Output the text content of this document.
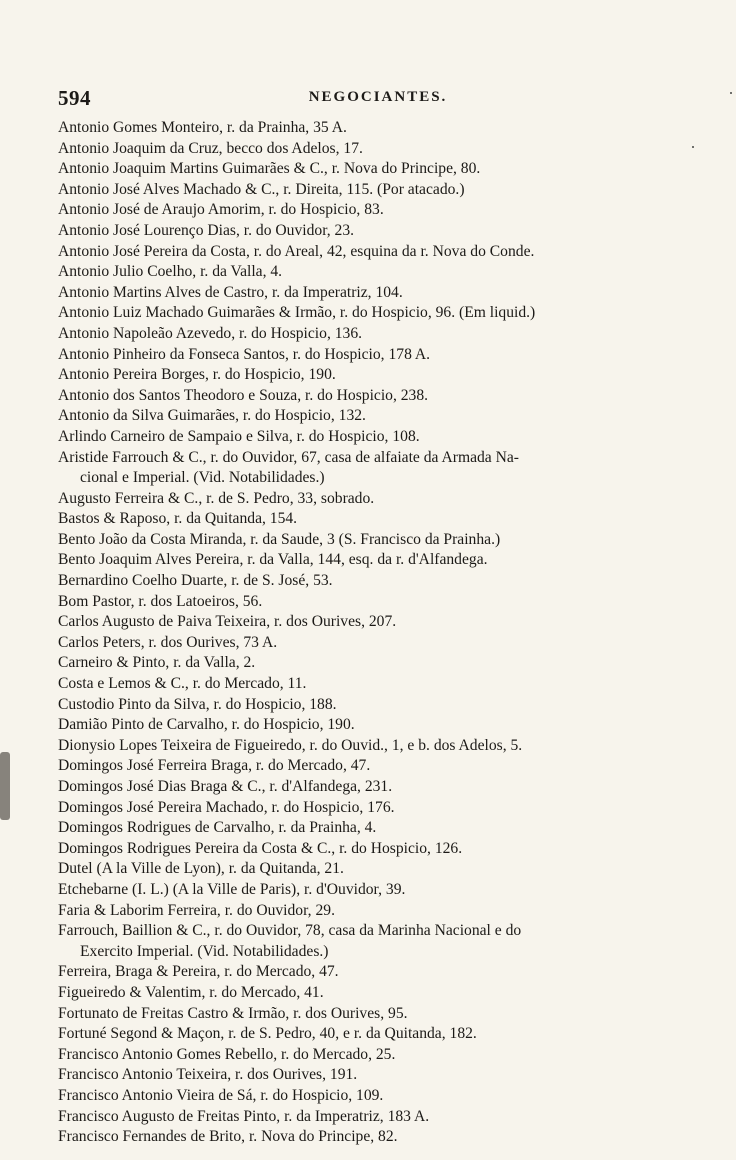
594	NEGOCIANTES.
Antonio Gomes Monteiro, r. da Prainha, 35 A.
Antonio Joaquim da Cruz, becco dos Adelos, 17.
Antonio Joaquim Martins Guimarães & C., r. Nova do Principe, 80.
Antonio José Alves Machado & C., r. Direita, 115. (Por atacado.)
Antonio José de Araujo Amorim, r. do Hospicio, 83.
Antonio José Lourenço Dias, r. do Ouvidor, 23.
Antonio José Pereira da Costa, r. do Areal, 42, esquina da r. Nova do Conde.
Antonio Julio Coelho, r. da Valla, 4.
Antonio Martins Alves de Castro, r. da Imperatriz, 104.
Antonio Luiz Machado Guimarães & Irmão, r. do Hospicio, 96. (Em liquid.)
Antonio Napoleão Azevedo, r. do Hospicio, 136.
Antonio Pinheiro da Fonseca Santos, r. do Hospicio, 178 A.
Antonio Pereira Borges, r. do Hospicio, 190.
Antonio dos Santos Theodoro e Souza, r. do Hospicio, 238.
Antonio da Silva Guimarães, r. do Hospicio, 132.
Arlindo Carneiro de Sampaio e Silva, r. do Hospicio, 108.
Aristide Farrouch & C., r. do Ouvidor, 67, casa de alfaiate da Armada Na-
cional e Imperial. (Vid. Notabilidades.)
Augusto Ferreira & C., r. de S. Pedro, 33, sobrado.
Bastos & Raposo, r. da Quitanda, 154.
Bento João da Costa Miranda, r. da Saude, 3 (S. Francisco da Prainha.)
Bento Joaquim Alves Pereira, r. da Valla, 144, esq. da r. d'Alfandega.
Bernardino Coelho Duarte, r. de S. José, 53.
Bom Pastor, r. dos Latoeiros, 56.
Carlos Augusto de Paiva Teixeira, r. dos Ourives, 207.
Carlos Peters, r. dos Ourives, 73 A.
Carneiro & Pinto, r. da Valla, 2.
Costa e Lemos & C., r. do Mercado, 11.
Custodio Pinto da Silva, r. do Hospicio, 188.
Damião Pinto de Carvalho, r. do Hospicio, 190.
Dionysio Lopes Teixeira de Figueiredo, r. do Ouvid., 1, e b. dos Adelos, 5.
Domingos José Ferreira Braga, r. do Mercado, 47.
Domingos José Dias Braga & C., r. d'Alfandega, 231.
Domingos José Pereira Machado, r. do Hospicio, 176.
Domingos Rodrigues de Carvalho, r. da Prainha, 4.
Domingos Rodrigues Pereira da Costa & C., r. do Hospicio, 126.
Dutel (A la Ville de Lyon), r. da Quitanda, 21.
Etchebarne (I. L.) (A la Ville de Paris), r. d'Ouvidor, 39.
Faria & Laborim Ferreira, r. do Ouvidor, 29.
Farrouch, Baillion & C., r. do Ouvidor, 78, casa da Marinha Nacional e do
Exercito Imperial. (Vid. Notabilidades.)
Ferreira, Braga & Pereira, r. do Mercado, 47.
Figueiredo & Valentim, r. do Mercado, 41.
Fortunato de Freitas Castro & Irmão, r. dos Ourives, 95.
Fortuné Segond & Maçon, r. de S. Pedro, 40, e r. da Quitanda, 182.
Francisco Antonio Gomes Rebello, r. do Mercado, 25.
Francisco Antonio Teixeira, r. dos Ourives, 191.
Francisco Antonio Vieira de Sá, r. do Hospicio, 109.
Francisco Augusto de Freitas Pinto, r. da Imperatriz, 183 A.
Francisco Fernandes de Brito, r. Nova do Principe, 82.
